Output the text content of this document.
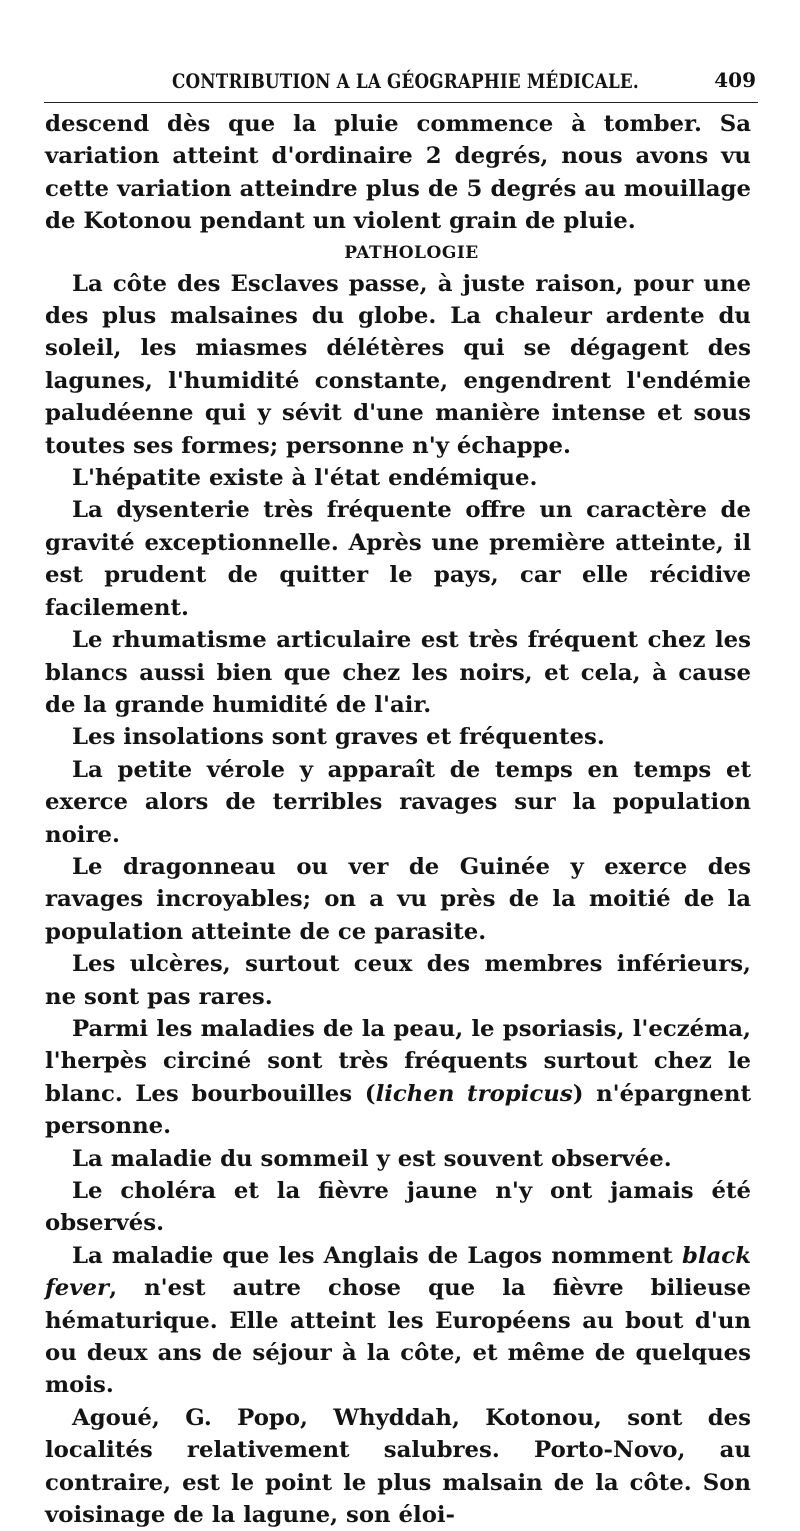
CONTRIBUTION A LA GÉOGRAPHIE MÉDICALE.	409

descend dès que la pluie commence à tomber. Sa variation atteint d'ordinaire 2 degrés, nous avons vu cette variation atteindre plus de 5 degrés au mouillage de Kotonou pendant un violent grain de pluie.

PATHOLOGIE

La côte des Esclaves passe, à juste raison, pour une des plus malsaines du globe. La chaleur ardente du soleil, les miasmes délétères qui se dégagent des lagunes, l'humidité constante, engendrent l'endémie paludéenne qui y sévit d'une manière intense et sous toutes ses formes; personne n'y échappe.

L'hépatite existe à l'état endémique.

La dysenterie très fréquente offre un caractère de gravité exceptionnelle. Après une première atteinte, il est prudent de quitter le pays, car elle récidive facilement.

Le rhumatisme articulaire est très fréquent chez les blancs aussi bien que chez les noirs, et cela, à cause de la grande humidité de l'air.

Les insolations sont graves et fréquentes.

La petite vérole y apparaît de temps en temps et exerce alors de terribles ravages sur la population noire.

Le dragonneau ou ver de Guinée y exerce des ravages incroyables; on a vu près de la moitié de la population atteinte de ce parasite.

Les ulcères, surtout ceux des membres inférieurs, ne sont pas rares.

Parmi les maladies de la peau, le psoriasis, l'eczéma, l'herpès circiné sont très fréquents surtout chez le blanc. Les bourbouilles (lichen tropicus) n'épargnent personne.

La maladie du sommeil y est souvent observée.

Le choléra et la fièvre jaune n'y ont jamais été observés.

La maladie que les Anglais de Lagos nomment black fever, n'est autre chose que la fièvre bilieuse hématurique. Elle atteint les Européens au bout d'un ou deux ans de séjour à la côte, et même de quelques mois.

Agoué, G. Popo, Whyddah, Kotonou, sont des localités relativement salubres. Porto-Novo, au contraire, est le point le plus malsain de la côte. Son voisinage de la lagune, son éloi-
